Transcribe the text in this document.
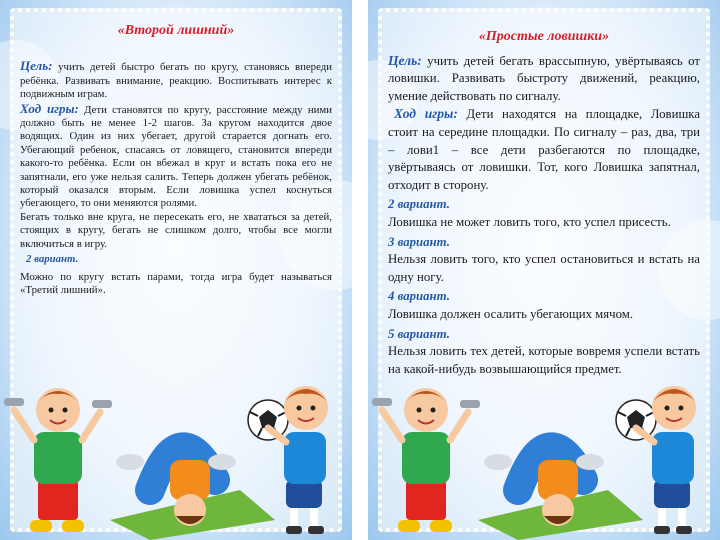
«Второй лишний»

Цель: учить детей быстро бегать по кругу, становясь впереди ребёнка. Развивать внимание, реакцию. Воспитывать интерес к подвижным играм.

Ход игры: Дети становятся по кругу, расстояние между ними должно быть не менее 1-2 шагов. За кругом находится двое водящих. Один из них убегает, другой старается догнать его. Убегающий ребенок, спасаясь от ловящего, становится впереди какого-то ребёнка. Если он вбежал в круг и встать пока его не запятнали, его уже нельзя салить. Теперь должен убегать ребёнок, который оказался вторым. Если ловишка успел коснуться убегающего, то они меняются ролями.

Бегать только вне круга, не пересекать его, не хвататься за детей, стоящих в кругу, бегать не слишком долго, чтобы все могли включиться в игру.

2 вариант.

Можно по кругу встать парами, тогда игра будет называться «Третий лишний».

«Простые ловишки»

Цель: учить детей бегать врассыпную, увёртываясь от ловишки. Развивать быстроту движений, реакцию, умение действовать по сигналу.

Ход игры: Дети находятся на площадке, Ловишка стоит на середине площадки. По сигналу – раз, два, три – лови1 – все дети разбегаются по площадке, увёртываясь от ловишки. Тот, кого Ловишка запятнал, отходит в сторону.

2 вариант.

Ловишка не может ловить того, кто успел присесть.

3 вариант.

Нельзя ловить того, кто успел остановиться и встать на одну ногу.

4 вариант.

Ловишка должен осалить убегающих мячом.

5 вариант.

Нельзя ловить тех детей, которые вовремя успели встать на какой-нибудь возвышающийся предмет.
